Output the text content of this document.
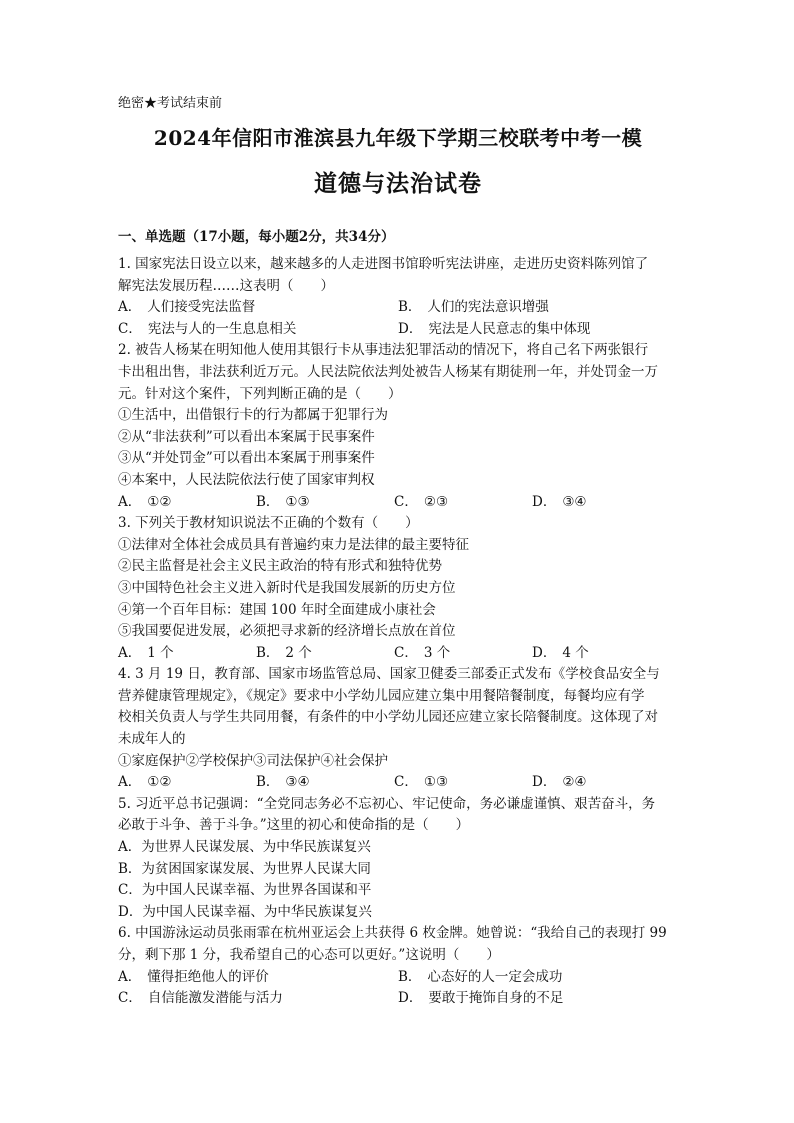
绝密★考试结束前

2024年信阳市淮滨县九年级下学期三校联考中考一模
道德与法治试卷

一、单选题（17小题，每小题2分，共34分）

1. 国家宪法日设立以来，越来越多的人走进图书馆聆听宪法讲座，走进历史资料陈列馆了

解宪法发展历程……这表明（　　）

A． 人们接受宪法监督	B． 人们的宪法意识增强
C． 宪法与人的一生息息相关	D． 宪法是人民意志的集中体现

2. 被告人杨某在明知他人使用其银行卡从事违法犯罪活动的情况下，将自己名下两张银行

卡出租出售，非法获利近万元。人民法院依法判处被告人杨某有期徒刑一年，并处罚金一万

元。针对这个案件，下列判断正确的是（　　）

①生活中，出借银行卡的行为都属于犯罪行为

②从“非法获利”可以看出本案属于民事案件

③从“并处罚金”可以看出本案属于刑事案件

④本案中，人民法院依法行使了国家审判权

A． ①②	B． ①③	C． ②③	D． ③④

3. 下列关于教材知识说法不正确的个数有（　　）

①法律对全体社会成员具有普遍约束力是法律的最主要特征

②民主监督是社会主义民主政治的特有形式和独特优势

③中国特色社会主义进入新时代是我国发展新的历史方位

④第一个百年目标：建国 100 年时全面建成小康社会

⑤我国要促进发展，必须把寻求新的经济增长点放在首位

A． 1 个	B． 2 个	C． 3 个	D． 4 个

4. 3 月 19 日，教育部、国家市场监管总局、国家卫健委三部委正式发布《学校食品安全与

营养健康管理规定》，《规定》要求中小学幼儿园应建立集中用餐陪餐制度，每餐均应有学

校相关负责人与学生共同用餐，有条件的中小学幼儿园还应建立家长陪餐制度。这体现了对

未成年人的

①家庭保护②学校保护③司法保护④社会保护

A． ①②	B． ③④	C． ①③	D． ②④

5. 习近平总书记强调：“全党同志务必不忘初心、牢记使命，务必谦虚谨慎、艰苦奋斗，务

必敢于斗争、善于斗争。”这里的初心和使命指的是（　　）

A．为世界人民谋发展、为中华民族谋复兴

B．为贫困国家谋发展、为世界人民谋大同

C．为中国人民谋幸福、为世界各国谋和平

D．为中国人民谋幸福、为中华民族谋复兴

6. 中国游泳运动员张雨霏在杭州亚运会上共获得 6 枚金牌。她曾说：“我给自己的表现打 99

分，剩下那 1 分，我希望自己的心态可以更好。”这说明（　　）

A． 懂得拒绝他人的评价	B． 心态好的人一定会成功
C． 自信能激发潜能与活力	D． 要敢于掩饰自身的不足
